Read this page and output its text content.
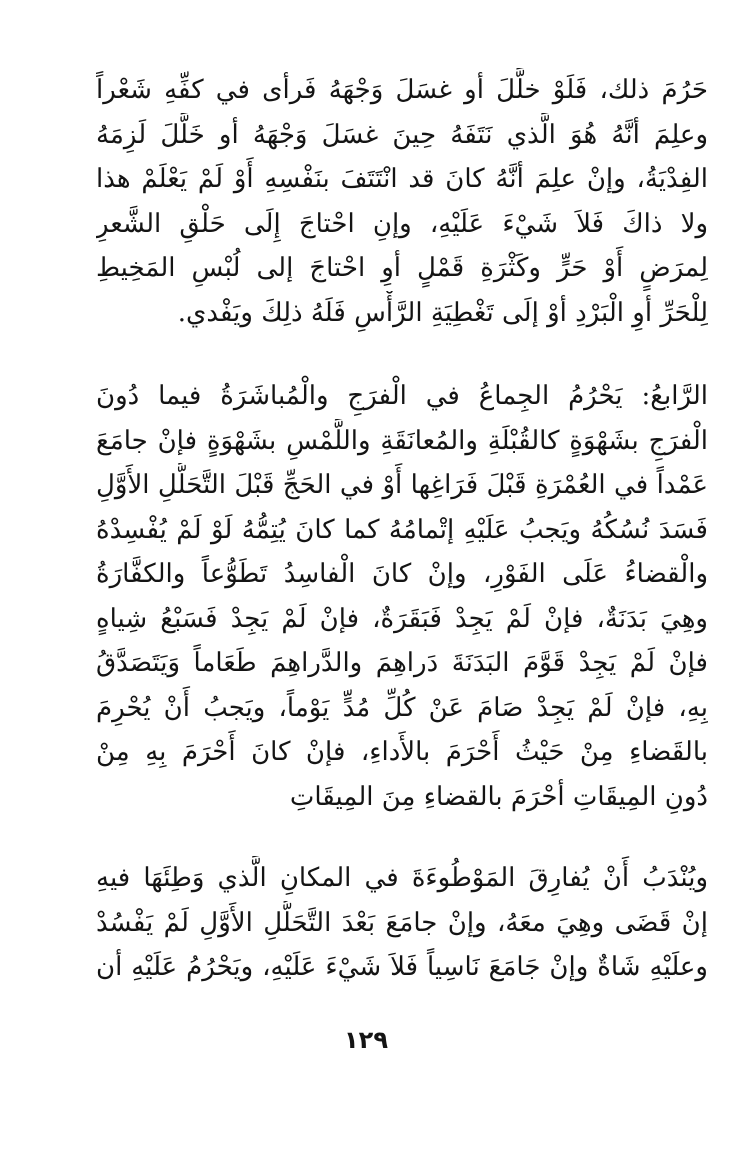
حَرُمَ ذلك، فَلَوْ خلَّلَ أو غسَلَ وَجْهَهُ فَرأى في كفِّهِ شَعْراً
وعلِمَ أنَّهُ هُوَ الَّذي نَتَفَهُ حِينَ غسَلَ وَجْهَهُ أو خَلَّلَ لَزِمَهُ
الفِدْيَةُ، وإنْ علِمَ أنَّهُ كانَ قد انْتَتَفَ بنَفْسِهِ أَوْ لَمْ يَعْلَمْ هذا
ولا ذاكَ فَلاَ شَيْءَ عَلَيْهِ، وإنِ احْتاجَ إِلَى حَلْقِ الشَّعرِ
لِمرَضٍ أَوْ حَرٍّ وكَثْرَةِ قَمْلٍ أوِ احْتاجَ إلى لُبْسِ المَخِيطِ
لِلْحَرِّ أوِ الْبَرْدِ أوْ إلَى تَغْطِيَةِ الرَّأْسِ فَلَهُ ذلِكَ ويَفْدي.
الرَّابعُ: يَحْرُمُ الجِماعُ في الْفرَجِ والْمُباشَرَةُ فيما دُونَ
الْفرَجِ بشَهْوَةٍ كالقُبْلَةِ والمُعانَقَةِ واللَّمْسِ بشَهْوَةٍ فإنْ جامَعَ
عَمْداً في العُمْرَةِ قَبْلَ فَرَاغِها أَوْ في الحَجِّ قَبْلَ التَّحَلُّلِ الأَوَّلِ
فَسَدَ نُسُكُهُ ويَجبُ عَلَيْهِ إتْمامُهُ كما كانَ يُتِمُّهُ لَوْ لَمْ يُفْسِدْهُ
والْقضاءُ عَلَى الفَوْرِ، وإنْ كانَ الْفاسِدُ تَطَوُّعاً والكفَّارَةُ
وهِيَ بَدَنَةٌ، فإنْ لَمْ يَجِدْ فَبَقَرَةٌ، فإنْ لَمْ يَجِدْ فَسَبْعُ شِياهٍ
فإنْ لَمْ يَجِدْ قَوَّمَ البَدَنَةَ دَراهِمَ والدَّراهِمَ طَعَاماً وَيَتَصَدَّقُ
بِهِ، فإنْ لَمْ يَجِدْ صَامَ عَنْ كُلِّ مُدٍّ يَوْماً، ويَجبُ أَنْ يُحْرِمَ
بالقَضاءِ مِنْ حَيْثُ أَحْرَمَ بالأَداءِ، فإنْ كانَ أَحْرَمَ بِهِ مِنْ
دُونِ المِيقَاتِ أحْرَمَ بالقضاءِ مِنَ المِيقَاتِ
ويُنْدَبُ أَنْ يُفارِقَ المَوْطُوءَةَ في المكانِ الَّذي وَطِئَهَا فيهِ
إنْ قَضَى وهِيَ معَهُ، وإنْ جامَعَ بَعْدَ التَّحَلُّلِ الأَوَّلِ لَمْ يَفْسُدْ
وعلَيْهِ شَاةٌ وإنْ جَامَعَ نَاسِياً فَلاَ شَيْءَ عَلَيْهِ، ويَحْرُمُ عَلَيْهِ أن
١٢٩
